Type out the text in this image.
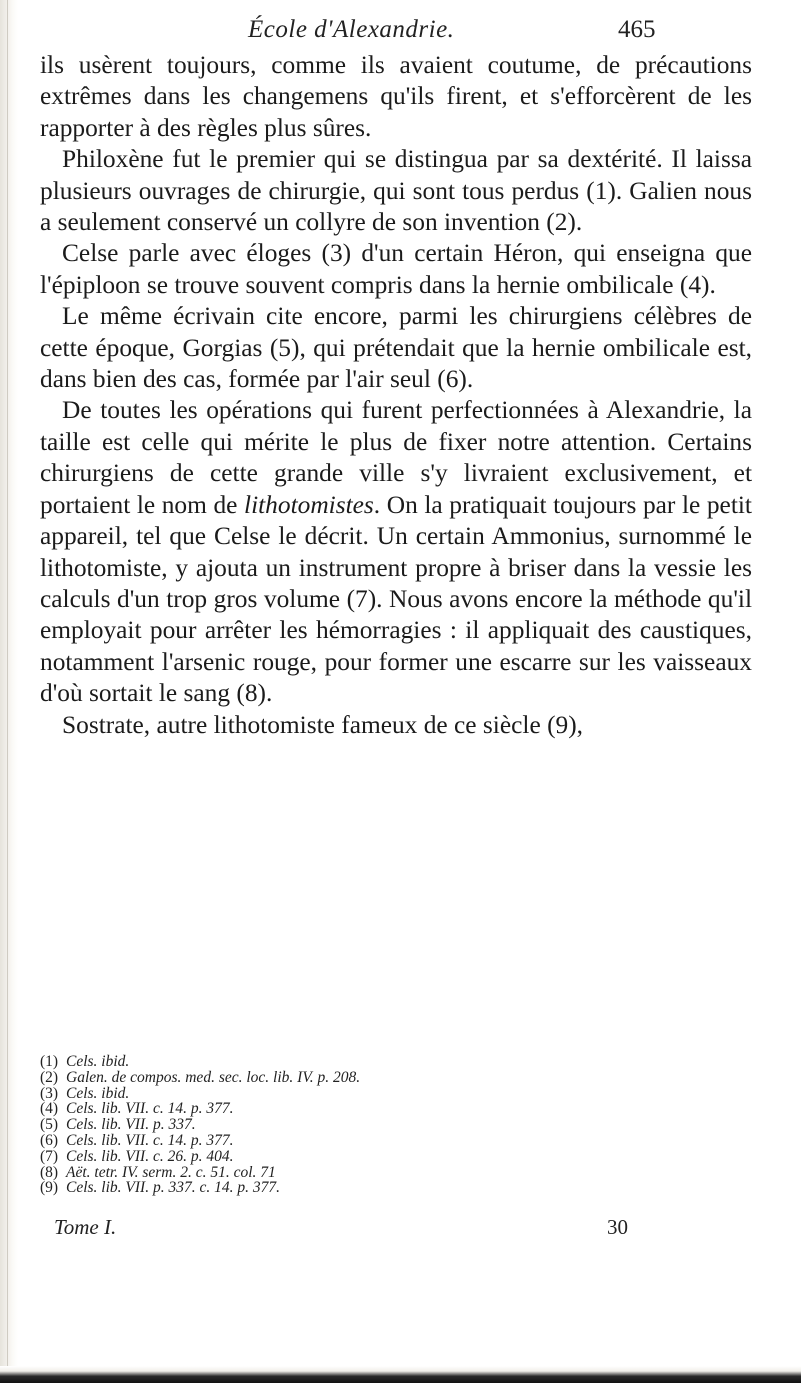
École d'Alexandrie.	465

ils usèrent toujours, comme ils avaient coutume, de précautions extrêmes dans les changemens qu'ils firent, et s'efforcèrent de les rapporter à des règles plus sûres.

Philoxène fut le premier qui se distingua par sa dextérité. Il laissa plusieurs ouvrages de chirurgie, qui sont tous perdus (1). Galien nous a seulement conservé un collyre de son invention (2).

Celse parle avec éloges (3) d'un certain Héron, qui enseigna que l'épiploon se trouve souvent compris dans la hernie ombilicale (4).

Le même écrivain cite encore, parmi les chirurgiens célèbres de cette époque, Gorgias (5), qui prétendait que la hernie ombilicale est, dans bien des cas, formée par l'air seul (6).

De toutes les opérations qui furent perfectionnées à Alexandrie, la taille est celle qui mérite le plus de fixer notre attention. Certains chirurgiens de cette grande ville s'y livraient exclusivement, et portaient le nom de lithotomistes. On la pratiquait toujours par le petit appareil, tel que Celse le décrit. Un certain Ammonius, surnommé le lithotomiste, y ajouta un instrument propre à briser dans la vessie les calculs d'un trop gros volume (7). Nous avons encore la méthode qu'il employait pour arrêter les hémorragies : il appliquait des caustiques, notamment l'arsenic rouge, pour former une escarre sur les vaisseaux d'où sortait le sang (8).

Sostrate, autre lithotomiste fameux de ce siècle (9),

(1) Cels. ibid.
(2) Galen. de compos. med. sec. loc. lib. IV. p. 208.
(3) Cels. ibid.
(4) Cels. lib. VII. c. 14. p. 377.
(5) Cels. lib. VII. p. 337.
(6) Cels. lib. VII. c. 14. p. 377.
(7) Cels. lib. VII. c. 26. p. 404.
(8) Aët. tetr. IV. serm. 2. c. 51. col. 71
(9) Cels. lib. VII. p. 337. c. 14. p. 377.
Tome I.	30
